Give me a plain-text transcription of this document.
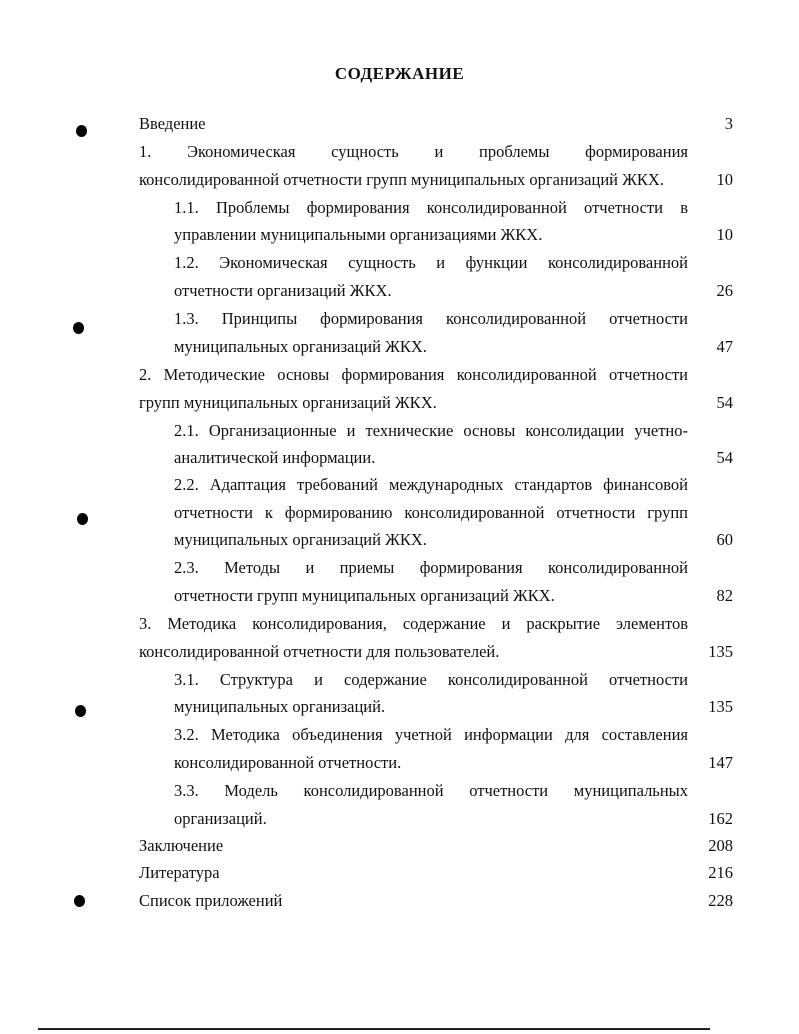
СОДЕРЖАНИЕ
Введение	3
1. Экономическая сущность и проблемы формирования
консолидированной отчетности групп муниципальных организаций ЖКХ.	10
1.1. Проблемы формирования консолидированной отчетности в
управлении муниципальными организациями ЖКХ.	10
1.2. Экономическая сущность и функции консолидированной
отчетности организаций ЖКХ.	26
1.3. Принципы формирования консолидированной отчетности
муниципальных организаций ЖКХ.	47
2. Методические основы формирования консолидированной отчетности
групп муниципальных организаций ЖКХ.	54
2.1. Организационные и технические основы консолидации учетно-
аналитической информации.	54
2.2. Адаптация требований международных стандартов финансовой
отчетности к формированию консолидированной отчетности групп
муниципальных организаций ЖКХ.	60
2.3. Методы и приемы формирования консолидированной
отчетности групп муниципальных организаций ЖКХ.	82
3. Методика консолидирования, содержание и раскрытие элементов
консолидированной отчетности для пользователей.	135
3.1. Структура и содержание консолидированной отчетности
муниципальных организаций.	135
3.2. Методика объединения учетной информации для составления
консолидированной отчетности.	147
3.3. Модель консолидированной отчетности муниципальных
организаций.	162
Заключение	208
Литература	216
Список приложений	228
